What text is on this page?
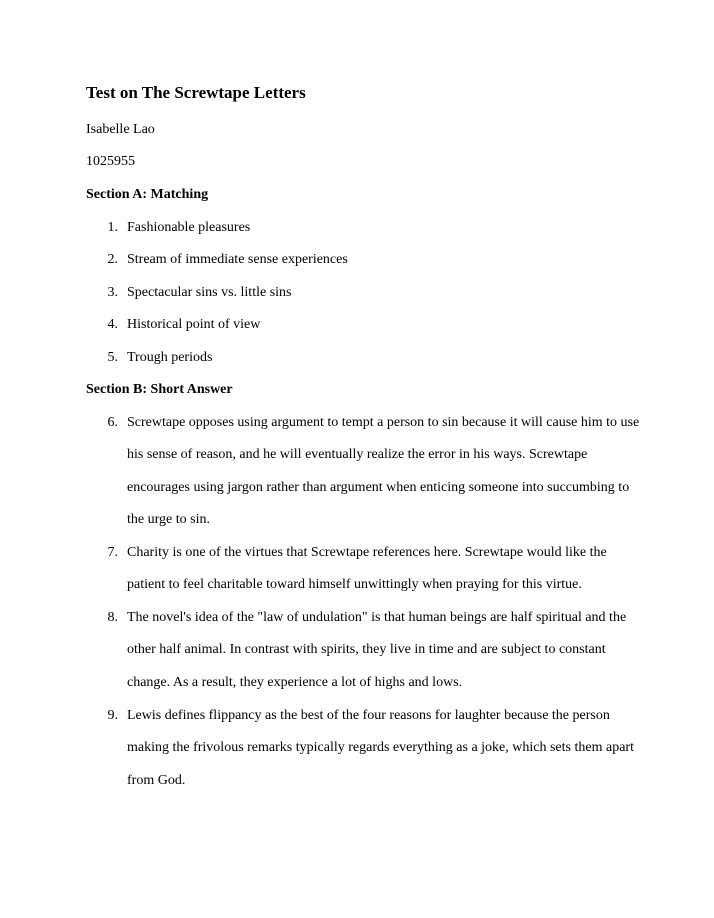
Test on The Screwtape Letters
Isabelle Lao
1025955
Section A: Matching
1. Fashionable pleasures
2. Stream of immediate sense experiences
3. Spectacular sins vs. little sins
4. Historical point of view
5. Trough periods
Section B: Short Answer
6. Screwtape opposes using argument to tempt a person to sin because it will cause him to use his sense of reason, and he will eventually realize the error in his ways. Screwtape encourages using jargon rather than argument when enticing someone into succumbing to the urge to sin.
7. Charity is one of the virtues that Screwtape references here. Screwtape would like the patient to feel charitable toward himself unwittingly when praying for this virtue.
8. The novel's idea of the "law of undulation" is that human beings are half spiritual and the other half animal. In contrast with spirits, they live in time and are subject to constant change. As a result, they experience a lot of highs and lows.
9. Lewis defines flippancy as the best of the four reasons for laughter because the person making the frivolous remarks typically regards everything as a joke, which sets them apart from God.
